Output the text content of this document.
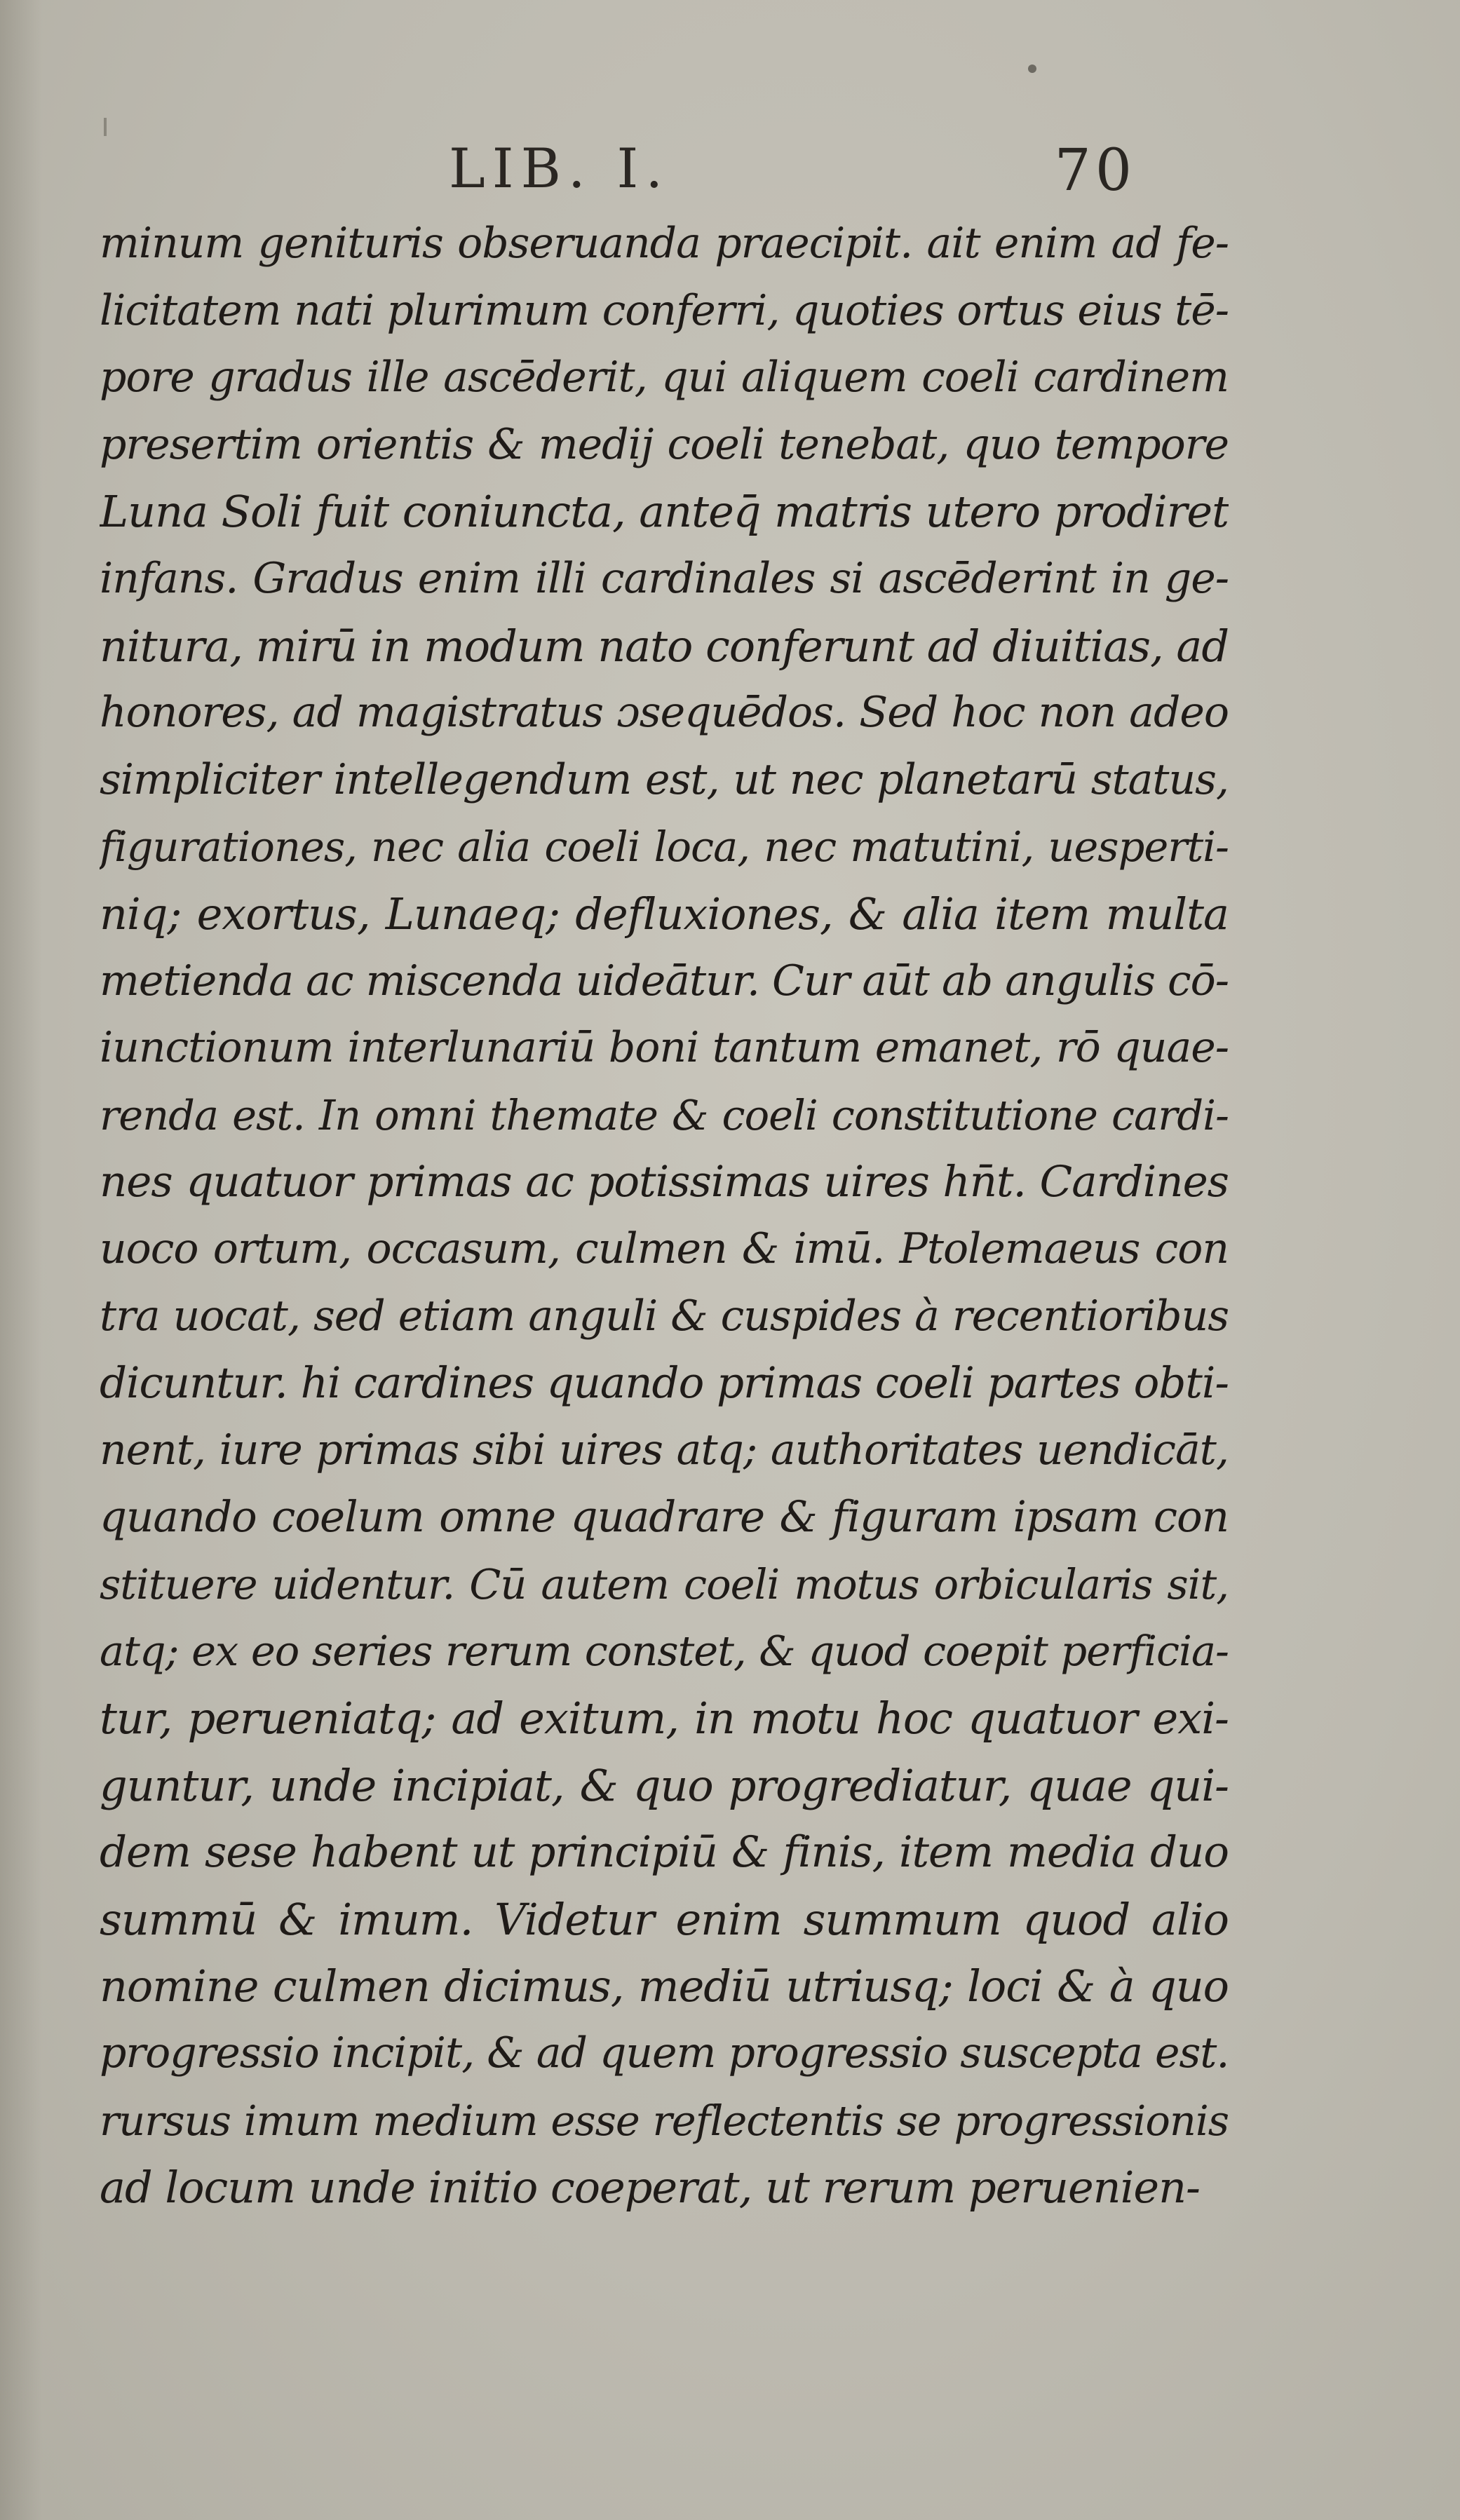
LIB. I.	70
minum genituris obseruanda praecipit. ait enim ad fe-
licitatem nati plurimum conferri, quoties ortus eius tē-
pore gradus ille ascēderit, qui aliquem coeli cardinem
presertim orientis & medij coeli tenebat, quo tempore
Luna Soli fuit coniuncta, anteq̄ matris utero prodiret
infans. Gradus enim illi cardinales si ascēderint in ge-
nitura, mirū in modum nato conferunt ad diuitias, ad
honores, ad magistratus ɔsequēdos. Sed hoc non adeo
simpliciter intellegendum est, ut nec planetarū status,
figurationes, nec alia coeli loca, nec matutini, uesperti-
niq; exortus, Lunaeq; defluxiones, & alia item multa
metienda ac miscenda uideātur. Cur aūt ab angulis cō-
iunctionum interlunariū boni tantum emanet, rō quae-
renda est. In omni themate & coeli constitutione cardi-
nes quatuor primas ac potissimas uires hn̄t. Cardines
uoco ortum, occasum, culmen & imū. Ptolemaeus con
tra uocat, sed etiam anguli & cuspides à recentioribus
dicuntur. hi cardines quando primas coeli partes obti-
nent, iure primas sibi uires atq; authoritates uendicāt,
quando coelum omne quadrare & figuram ipsam con
stituere uidentur. Cū autem coeli motus orbicularis sit,
atq; ex eo series rerum constet, & quod coepit perficia-
tur, perueniatq; ad exitum, in motu hoc quatuor exi-
guntur, unde incipiat, & quo progrediatur, quae qui-
dem sese habent ut principiū & finis, item media duo
summū & imum. Videtur enim summum quod alio
nomine culmen dicimus, mediū utriusq; loci & à quo
progressio incipit, & ad quem progressio suscepta est.
rursus imum medium esse reflectentis se progressionis
ad locum unde initio coeperat, ut rerum peruenien-
